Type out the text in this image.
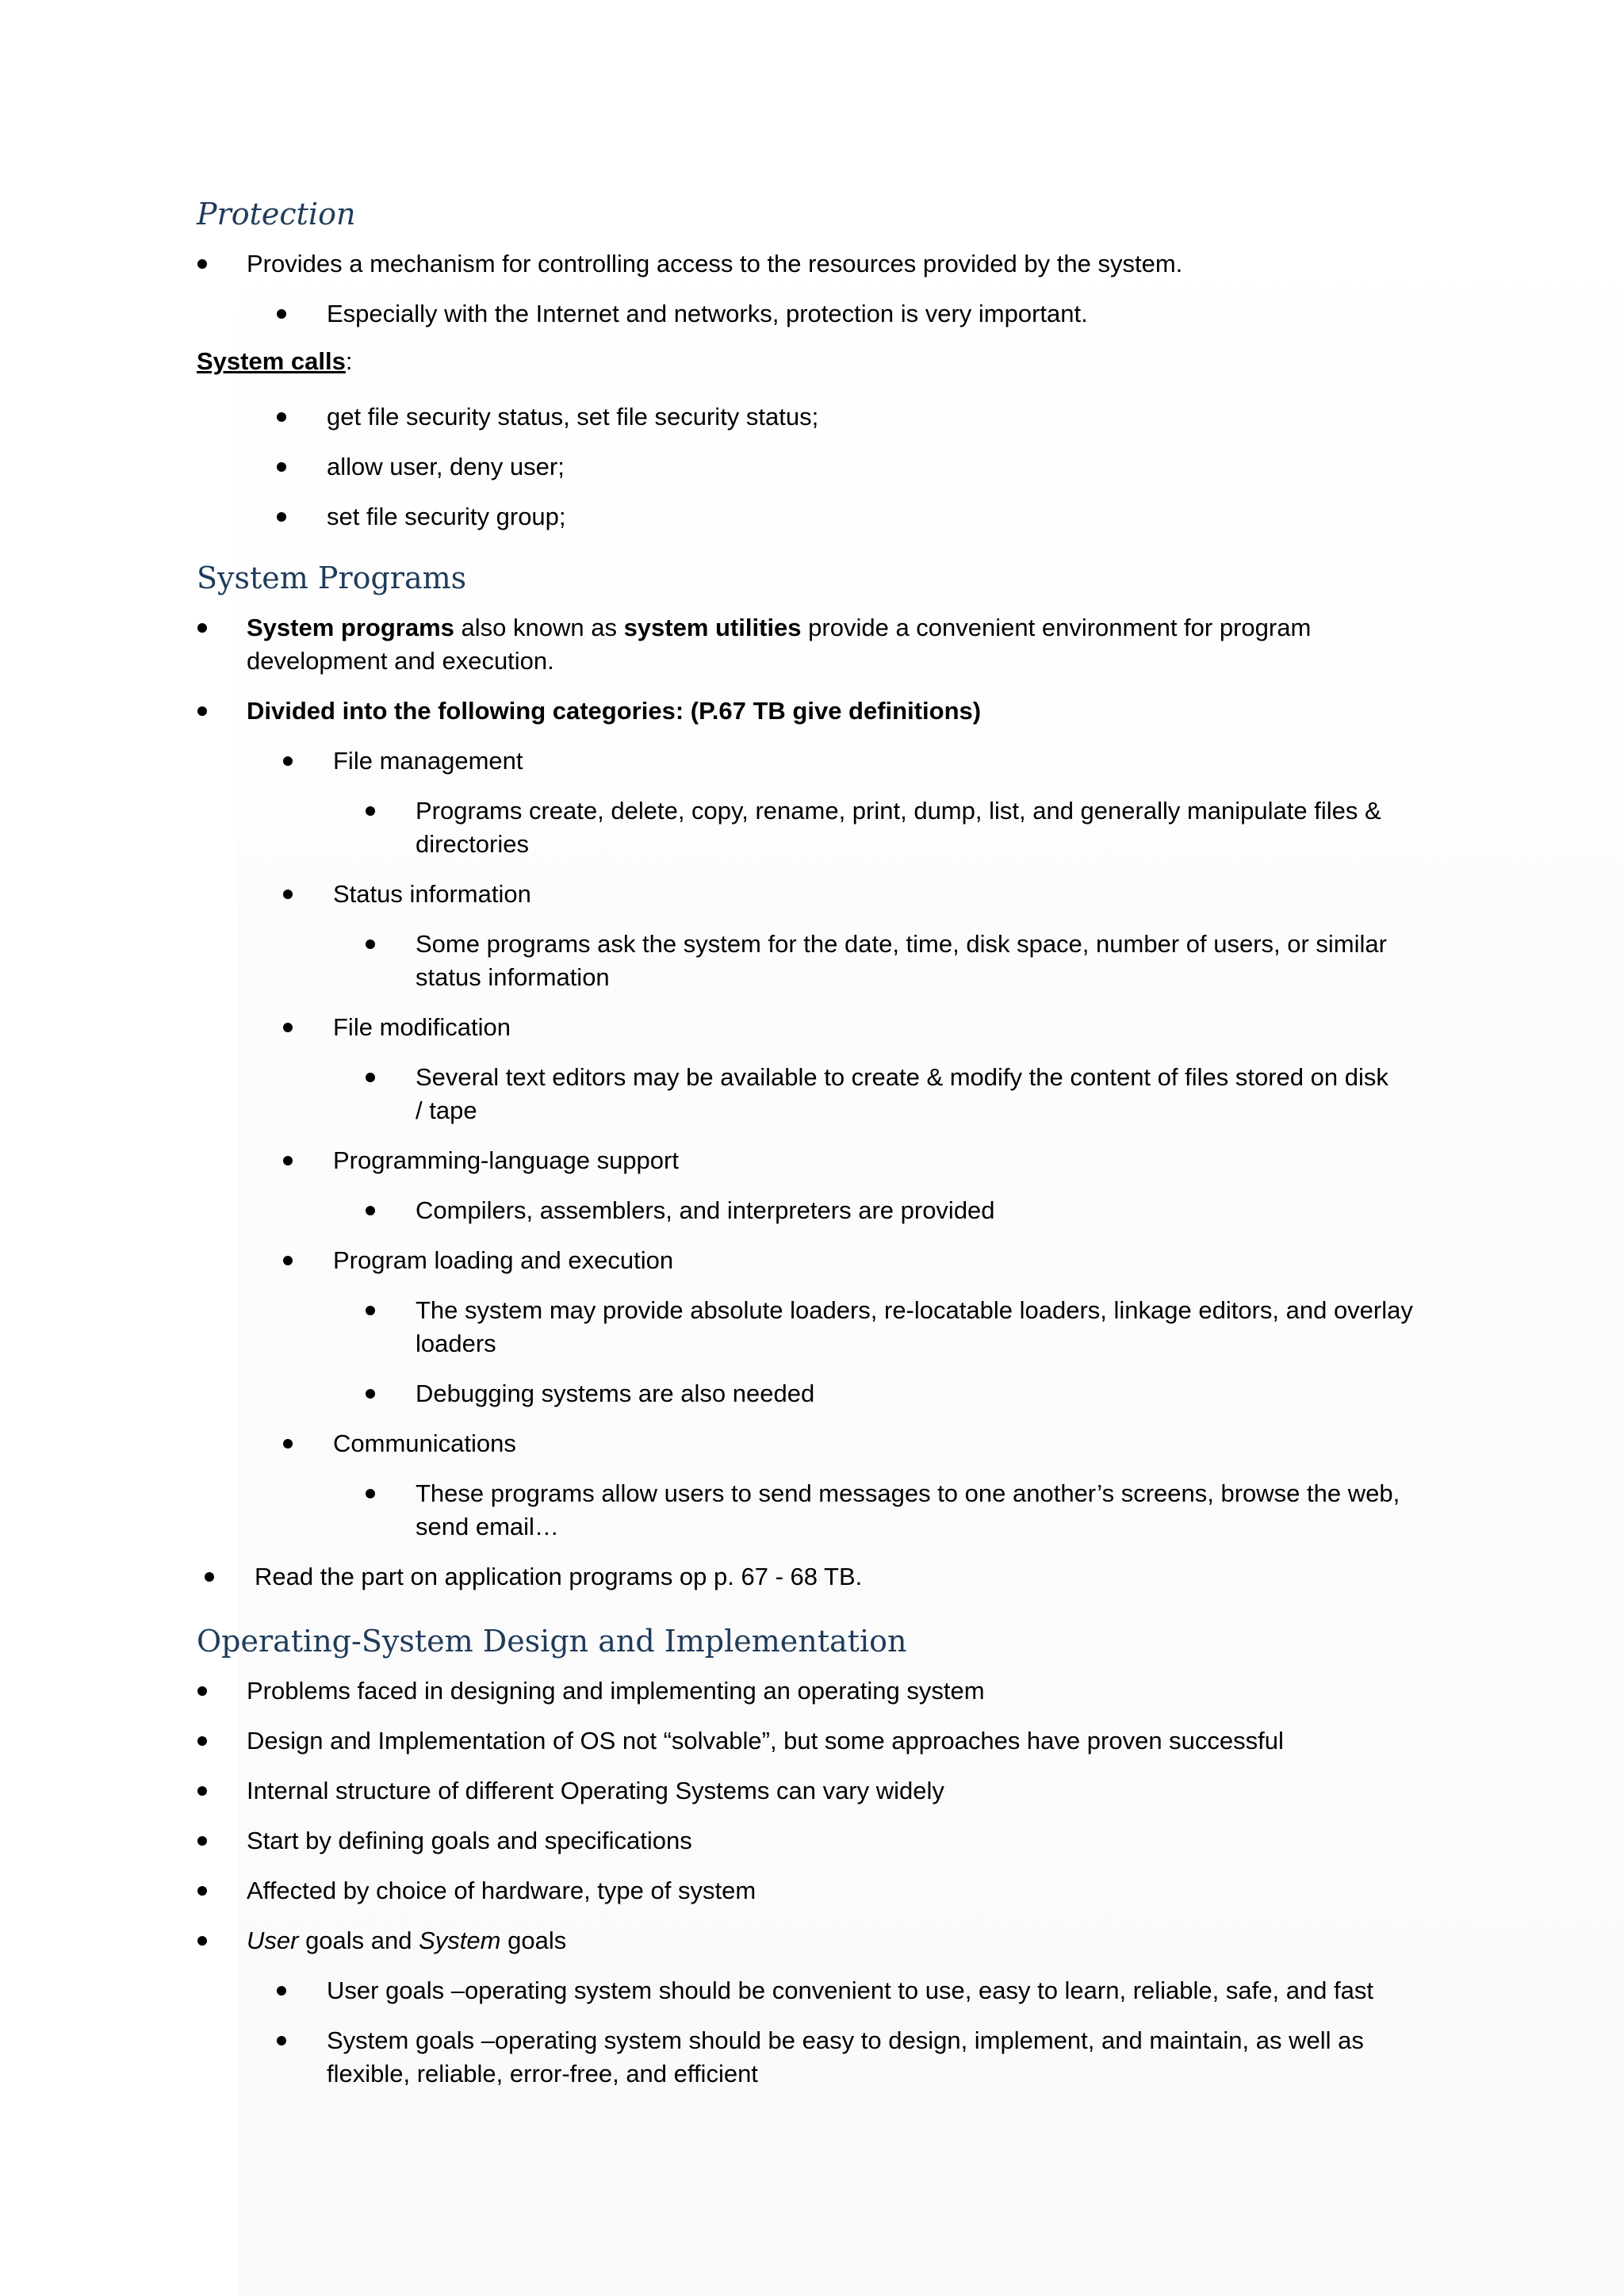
Protection
Provides a mechanism for controlling access to the resources provided by the system.
Especially with the Internet and networks, protection is very important.
System calls:
get file security status, set file security status;
allow user, deny user;
set file security group;
System Programs
System programs also known as system utilities provide a convenient environment for program
development and execution.
Divided into the following categories: (P.67 TB give definitions)
File management
Programs create, delete, copy, rename, print, dump, list, and generally manipulate files &
directories
Status information
Some programs ask the system for the date, time, disk space, number of users, or similar
status information
File modification
Several text editors may be available to create & modify the content of files stored on disk
/ tape
Programming-language support
Compilers, assemblers, and interpreters are provided
Program loading and execution
The system may provide absolute loaders, re-locatable loaders, linkage editors, and overlay
loaders
Debugging systems are also needed
Communications
These programs allow users to send messages to one another’s screens, browse the web,
send email…
Read the part on application programs op p. 67 - 68 TB.
Operating-System Design and Implementation
Problems faced in designing and implementing an operating system
Design and Implementation of OS not “solvable”, but some approaches have proven successful
Internal structure of different Operating Systems can vary widely
Start by defining goals and specifications
Affected by choice of hardware, type of system
User goals and System goals
User goals –operating system should be convenient to use, easy to learn, reliable, safe, and fast
System goals –operating system should be easy to design, implement, and maintain, as well as
flexible, reliable, error-free, and efficient
